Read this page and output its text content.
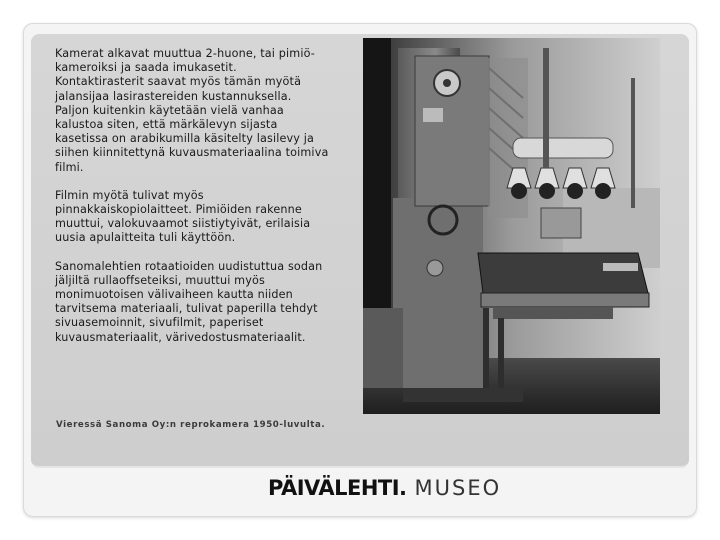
Kamerat alkavat muuttua 2-huone, tai pimiö-
kameroiksi ja saada imukasetit.
Kontaktirasterit saavat myös tämän myötä
jalansijaa lasirastereiden kustannuksella.
Paljon kuitenkin käytetään vielä vanhaa
kalustoa siten, että märkälevyn sijasta
kasetissa on arabikumilla käsitelty lasilevy ja
siihen kiinnitettynä kuvausmateriaalina toimiva
filmi.

Filmin myötä tulivat myös
pinnakkaiskopiolaitteet. Pimiöiden rakenne
muuttui, valokuvaamot siistiytyivät, erilaisia
uusia apulaitteita tuli käyttöön.

Sanomalehtien rotaatioiden uudistuttua sodan
jäljiltä rullaoffseteiksi, muuttui myös
monimuotoisen välivaiheen kautta niiden
tarvitsema materiaali, tulivat paperilla tehdyt
sivuasemoinnit, sivufilmit, paperiset
kuvausmateriaalit, värivedostusmateriaalit.

Vieressä Sanoma Oy:n reprokamera 1950-luvulta.
PÄIVÄLEHTI. MUSEO
